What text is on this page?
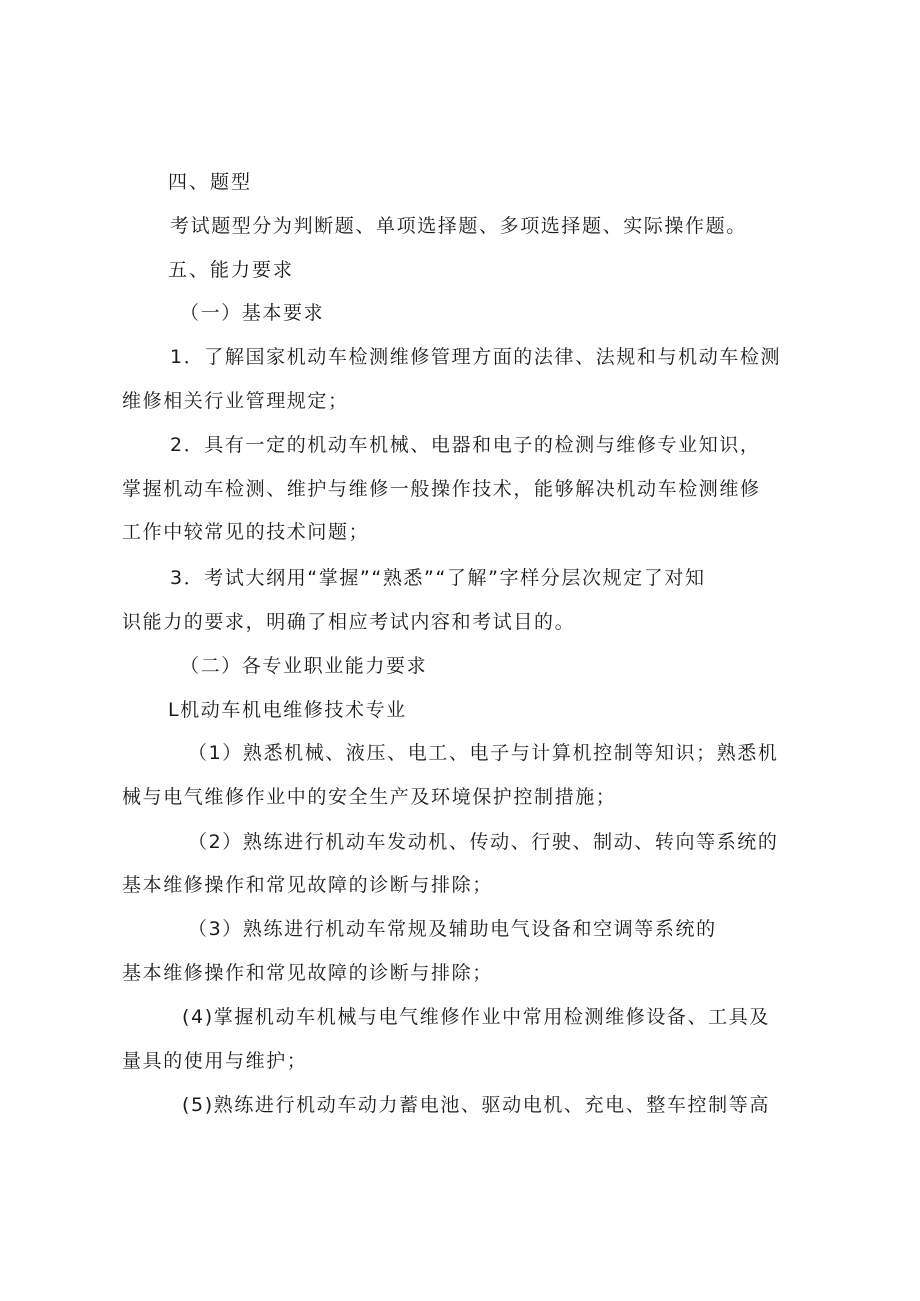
四、题型
考试题型分为判断题、单项选择题、多项选择题、实际操作题。
五、能力要求
（一）基本要求
1．了解国家机动车检测维修管理方面的法律、法规和与机动车检测
维修相关行业管理规定；
2．具有一定的机动车机械、电器和电子的检测与维修专业知识，
掌握机动车检测、维护与维修一般操作技术，能够解决机动车检测维修
工作中较常见的技术问题；
3．考试大纲用“掌握”“熟悉”“了解”字样分层次规定了对知
识能力的要求，明确了相应考试内容和考试目的。
（二）各专业职业能力要求
L机动车机电维修技术专业
（1）熟悉机械、液压、电工、电子与计算机控制等知识；熟悉机
械与电气维修作业中的安全生产及环境保护控制措施；
（2）熟练进行机动车发动机、传动、行驶、制动、转向等系统的
基本维修操作和常见故障的诊断与排除；
（3）熟练进行机动车常规及辅助电气设备和空调等系统的
基本维修操作和常见故障的诊断与排除；
(4)掌握机动车机械与电气维修作业中常用检测维修设备、工具及
量具的使用与维护；
(5)熟练进行机动车动力蓄电池、驱动电机、充电、整车控制等高
